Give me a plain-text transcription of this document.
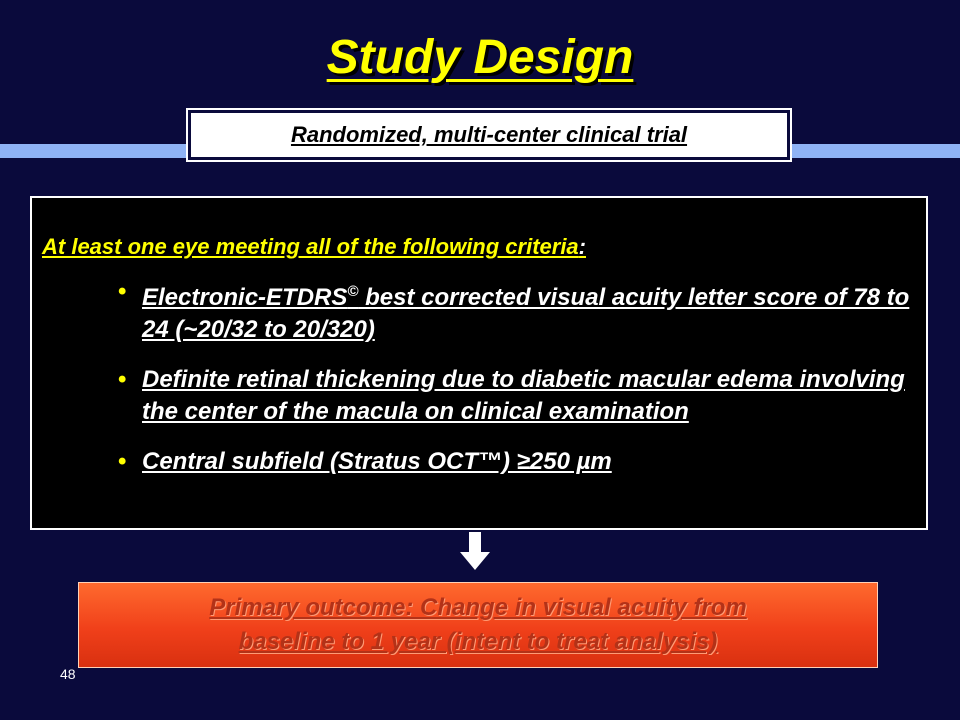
Study Design
Randomized, multi-center clinical trial
At least one eye meeting all of the following criteria:
• Electronic-ETDRS© best corrected visual acuity letter score of 78 to 24 (~20/32 to 20/320)
• Definite retinal thickening due to diabetic macular edema involving the center of the macula on clinical examination
• Central subfield (Stratus OCT™) ≥250 µm
Primary outcome: Change in visual acuity from
baseline to 1 year (intent to treat analysis)
48
